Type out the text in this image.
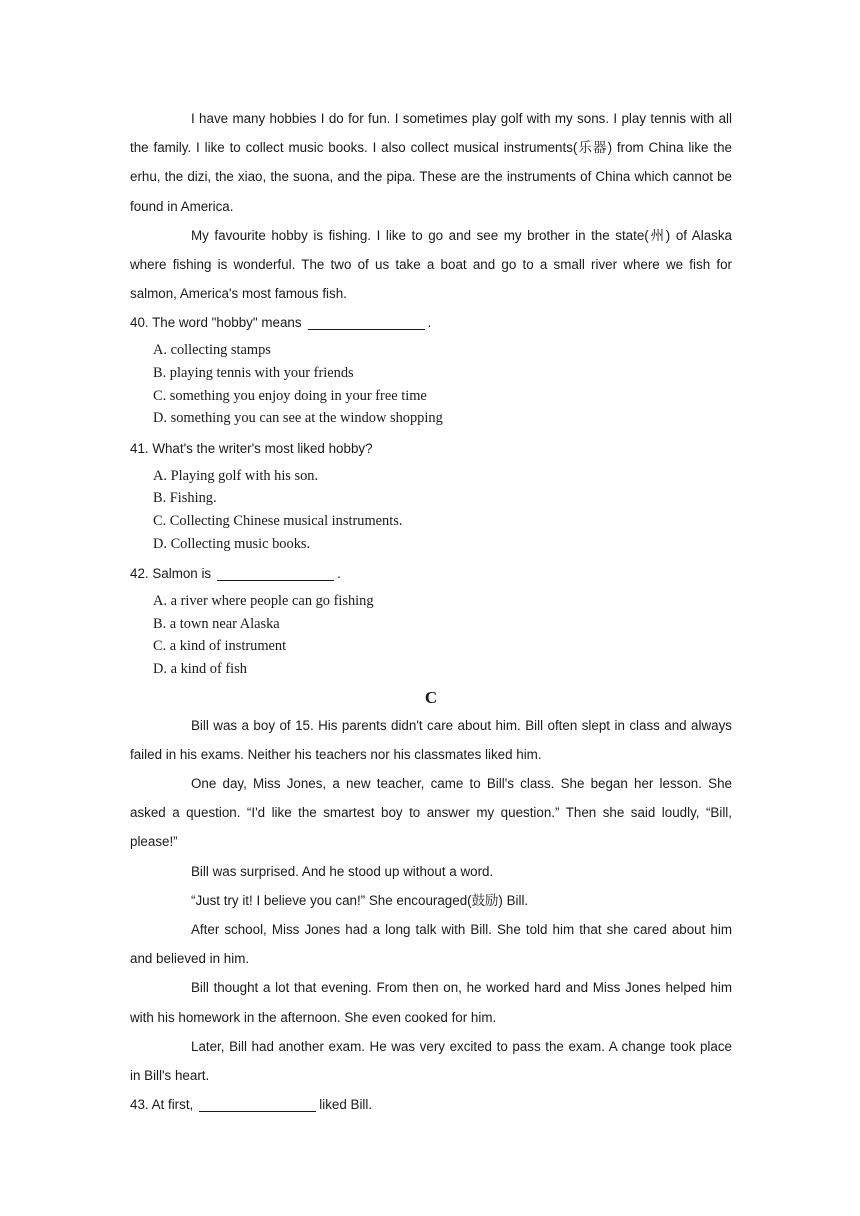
I have many hobbies I do for fun. I sometimes play golf with my sons. I play tennis with all the family. I like to collect music books. I also collect musical instruments(乐器) from China like the erhu, the dizi, the xiao, the suona, and the pipa. These are the instruments of China which cannot be found in America.

My favourite hobby is fishing. I like to go and see my brother in the state(州) of Alaska where fishing is wonderful. The two of us take a boat and go to a small river where we fish for salmon, America's most famous fish.

40. The word "hobby" means	.

A. collecting stamps

B. playing tennis with your friends

C. something you enjoy doing in your free time

D. something you can see at the window shopping

41. What's the writer's most liked hobby?

A. Playing golf with his son.

B. Fishing.

C. Collecting Chinese musical instruments.

D. Collecting music books.

42. Salmon is	.

A. a river where people can go fishing

B. a town near Alaska

C. a kind of instrument

D. a kind of fish

C

Bill was a boy of 15. His parents didn't care about him. Bill often slept in class and always failed in his exams. Neither his teachers nor his classmates liked him.

One day, Miss Jones, a new teacher, came to Bill's class. She began her lesson. She asked a question. “I'd like the smartest boy to answer my question.” Then she said loudly, “Bill, please!”

Bill was surprised. And he stood up without a word.

“Just try it! I believe you can!” She encouraged(鼓励) Bill.

After school, Miss Jones had a long talk with Bill. She told him that she cared about him and believed in him.

Bill thought a lot that evening. From then on, he worked hard and Miss Jones helped him with his homework in the afternoon. She even cooked for him.

Later, Bill had another exam. He was very excited to pass the exam. A change took place in Bill's heart.

43. At first,	liked Bill.
